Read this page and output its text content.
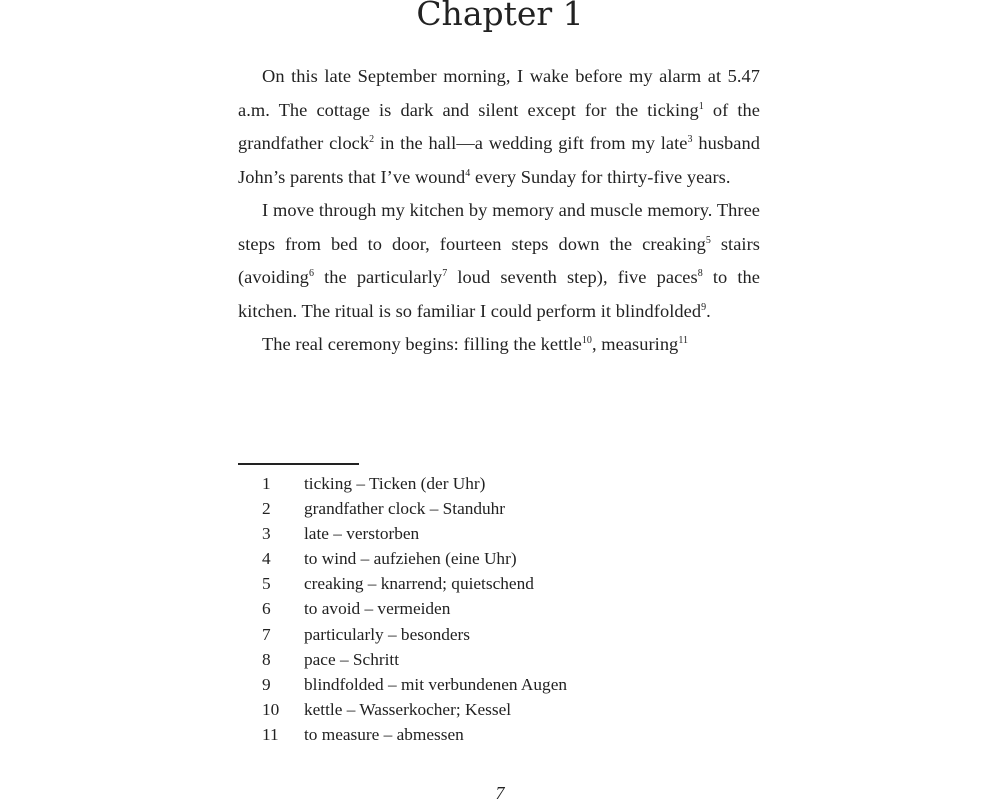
Chapter 1

On this late September morning, I wake before my alarm at 5.47 a.m. The cottage is dark and silent except for the ticking$^1$ of the grandfather clock$^2$ in the hall—a wedding gift from my late$^3$ husband John’s parents that I’ve wound$^4$ every Sunday for thirty-five years.

I move through my kitchen by memory and muscle memory. Three steps from bed to door, fourteen steps down the creaking$^5$ stairs (avoiding$^6$ the particularly$^7$ loud seventh step), five paces$^8$ to the kitchen. The ritual is so familiar I could perform it blindfolded$^9$.

The real ceremony begins: filling the kettle$^{10}$, measuring$^{11}$

1	ticking – Ticken (der Uhr)
2	grandfather clock – Standuhr
3	late – verstorben
4	to wind – aufziehen (eine Uhr)
5	creaking – knarrend; quietschend
6	to avoid – vermeiden
7	particularly – besonders
8	pace – Schritt
9	blindfolded – mit verbundenen Augen
10	kettle – Wasserkocher; Kessel
11	to measure – abmessen
7
